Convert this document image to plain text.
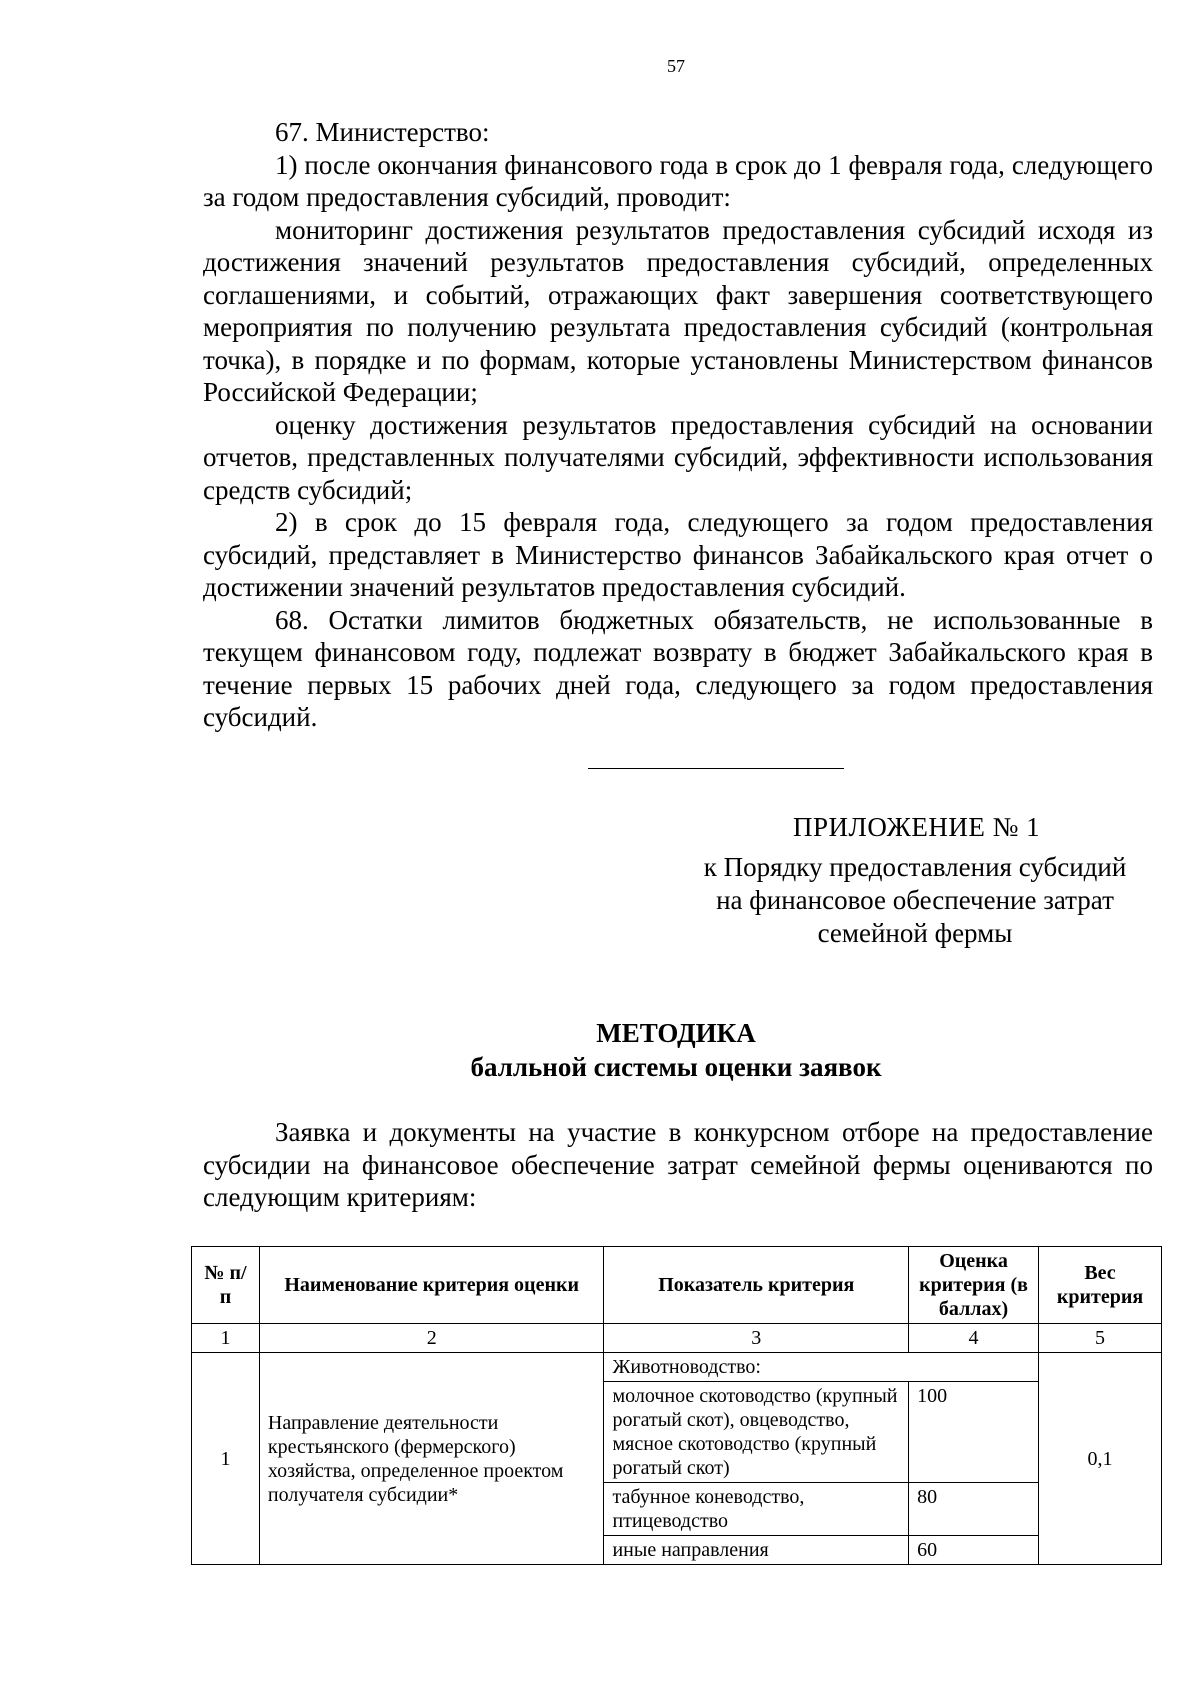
57

67. Министерство:

1) после окончания финансового года в срок до 1 февраля года, следующего за годом предоставления субсидий, проводит:

мониторинг достижения результатов предоставления субсидий исходя из достижения значений результатов предоставления субсидий, определенных соглашениями, и событий, отражающих факт завершения соответствующего мероприятия по получению результата предоставления субсидий (контрольная точка), в порядке и по формам, которые установлены Министерством финансов Российской Федерации;

оценку достижения результатов предоставления субсидий на основании отчетов, представленных получателями субсидий, эффективности использования средств субсидий;

2) в срок до 15 февраля года, следующего за годом предоставления субсидий, представляет в Министерство финансов Забайкальского края отчет о достижении значений результатов предоставления субсидий.

68. Остатки лимитов бюджетных обязательств, не использованные в текущем финансовом году, подлежат возврату в бюджет Забайкальского края в течение первых 15 рабочих дней года, следующего за годом предоставления субсидий.

ПРИЛОЖЕНИЕ № 1
к Порядку предоставления субсидий
на финансовое обеспечение затрат
семейной фермы
МЕТОДИКА
балльной системы оценки заявок

Заявка и документы на участие в конкурсном отборе на предоставление субсидии на финансовое обеспечение затрат семейной фермы оцениваются по следующим критериям:

№ п/п	Наименование критерия оценки	Показатель критерия	Оценка критерия (в баллах)	Вес критерия
1	2	3	4	5
1	Направление деятельности крестьянского (фермерского) хозяйства, определенное проектом получателя субсидии*	Животноводство:		0,1
		молочное скотоводство (крупный рогатый скот), овцеводство, мясное скотоводство (крупный рогатый скот)	100	
		табунное коневодство, птицеводство	80	
		иные направления	60	
